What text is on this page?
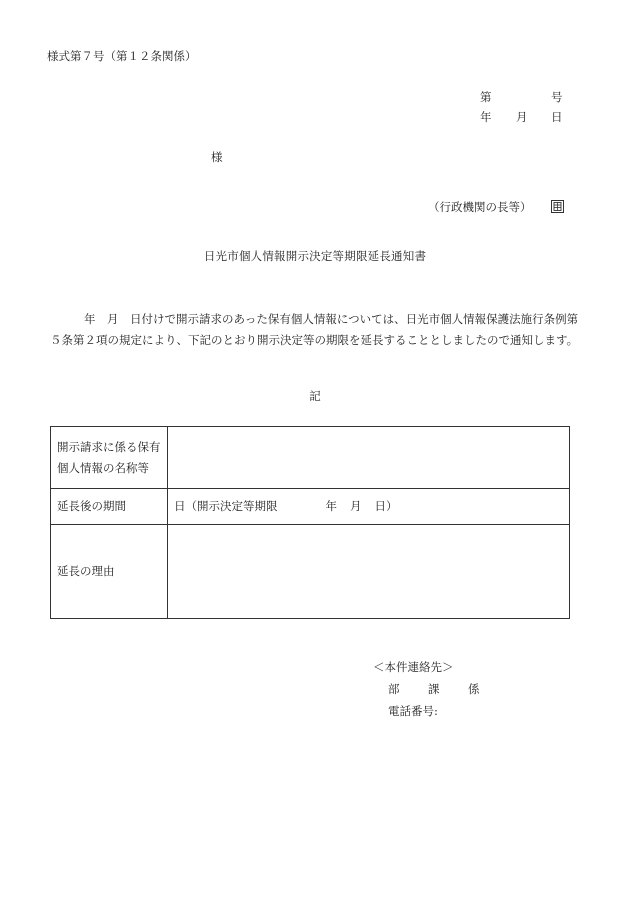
様式第７号（第１２条関係）
第	号
年 月 日
様
（行政機関の長等）
日光市個人情報開示決定等期限延長通知書
年　月　日付けで開示請求のあった保有個人情報については、日光市個人情報保護法施行条例第
５条第２項の規定により、下記のとおり開示決定等の期限を延長することとしましたので通知します。
記
開示請求に係る保有
個人情報の名称等	
延長後の期間	日（開示決定等期限 年 月 日）
延長の理由	
＜本件連絡先＞
部 課 係
電話番号:
